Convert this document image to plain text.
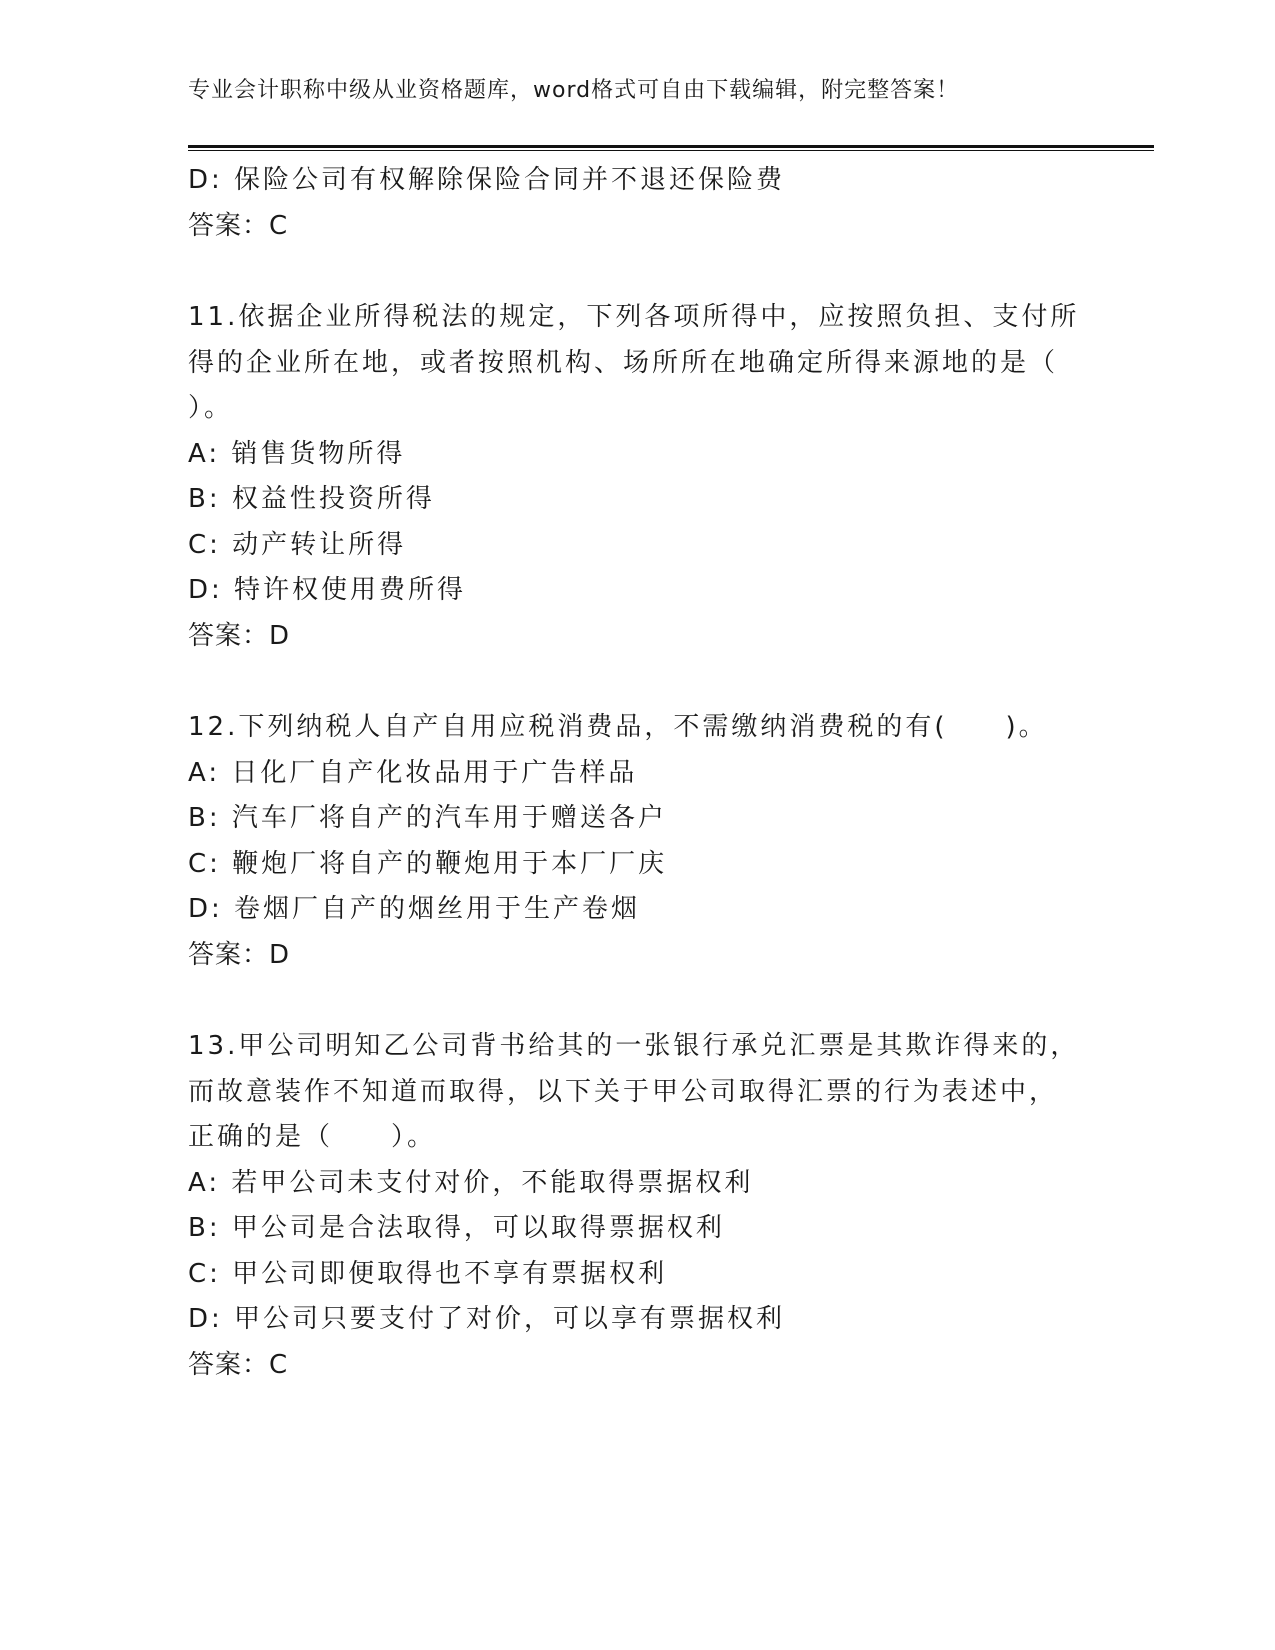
专业会计职称中级从业资格题库，word格式可自由下载编辑，附完整答案！

D: 保险公司有权解除保险合同并不退还保险费

答案：C

11.依据企业所得税法的规定，下列各项所得中，应按照负担、支付所

得的企业所在地，或者按照机构、场所所在地确定所得来源地的是（

）。

A: 销售货物所得

B: 权益性投资所得

C: 动产转让所得

D: 特许权使用费所得

答案：D

12.下列纳税人自产自用应税消费品，不需缴纳消费税的有(　　)。

A: 日化厂自产化妆品用于广告样品

B: 汽车厂将自产的汽车用于赠送各户

C: 鞭炮厂将自产的鞭炮用于本厂厂庆

D: 卷烟厂自产的烟丝用于生产卷烟

答案：D

13.甲公司明知乙公司背书给其的一张银行承兑汇票是其欺诈得来的，

而故意装作不知道而取得，以下关于甲公司取得汇票的行为表述中，

正确的是（　　）。

A: 若甲公司未支付对价，不能取得票据权利

B: 甲公司是合法取得，可以取得票据权利

C: 甲公司即便取得也不享有票据权利

D: 甲公司只要支付了对价，可以享有票据权利

答案：C
